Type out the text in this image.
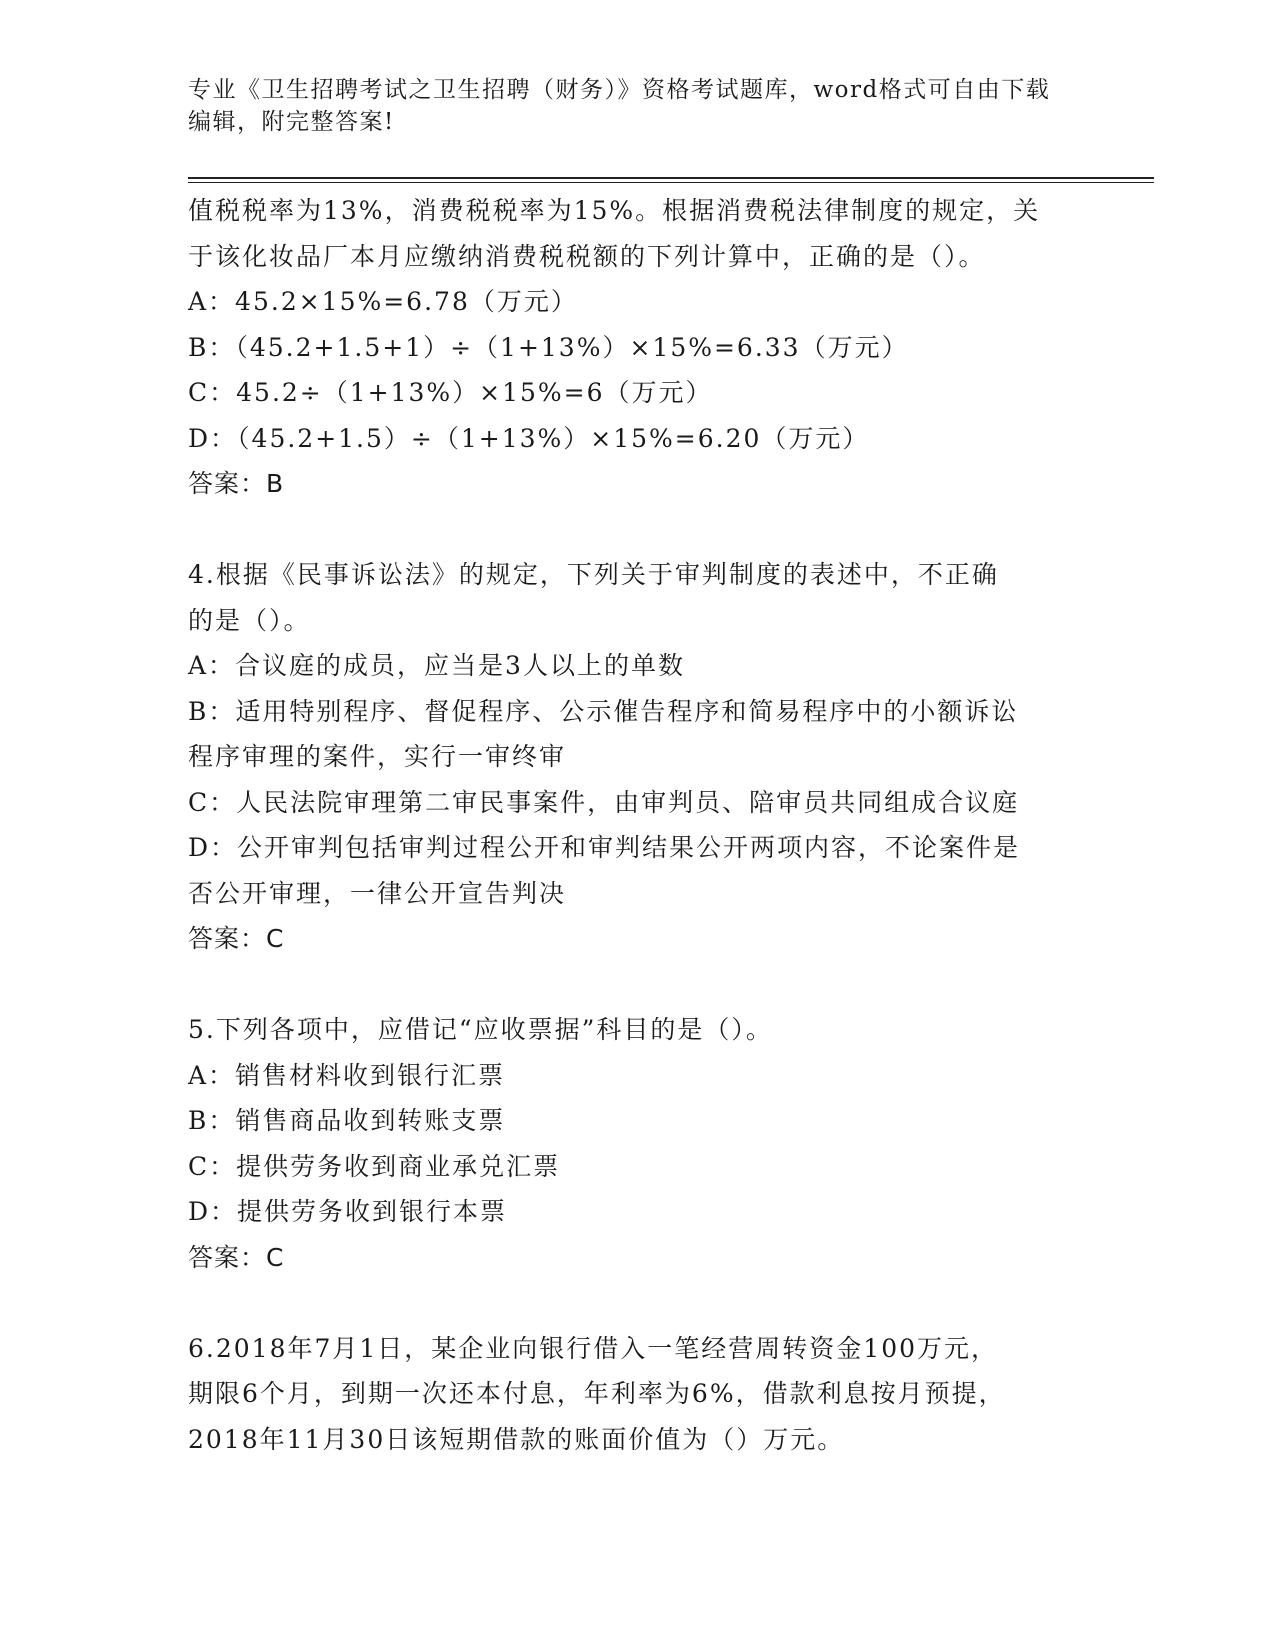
专业《卫生招聘考试之卫生招聘（财务）》资格考试题库，word格式可自由下载
编辑，附完整答案!
值税税率为13%，消费税税率为15%。根据消费税法律制度的规定，关
于该化妆品厂本月应缴纳消费税税额的下列计算中，正确的是（）。
A：45.2×15%=6.78（万元）
B：（45.2+1.5+1）÷（1+13%）×15%=6.33（万元）
C：45.2÷（1+13%）×15%=6（万元）
D：（45.2+1.5）÷（1+13%）×15%=6.20（万元）
答案：B
4.根据《民事诉讼法》的规定，下列关于审判制度的表述中，不正确
的是（）。
A：合议庭的成员，应当是3人以上的单数
B：适用特别程序、督促程序、公示催告程序和简易程序中的小额诉讼
程序审理的案件，实行一审终审
C：人民法院审理第二审民事案件，由审判员、陪审员共同组成合议庭
D：公开审判包括审判过程公开和审判结果公开两项内容，不论案件是
否公开审理，一律公开宣告判决
答案：C
5.下列各项中，应借记“应收票据”科目的是（）。
A：销售材料收到银行汇票
B：销售商品收到转账支票
C：提供劳务收到商业承兑汇票
D：提供劳务收到银行本票
答案：C
6.2018年7月1日，某企业向银行借入一笔经营周转资金100万元，
期限6个月，到期一次还本付息，年利率为6%，借款利息按月预提，
2018年11月30日该短期借款的账面价值为（）万元。
